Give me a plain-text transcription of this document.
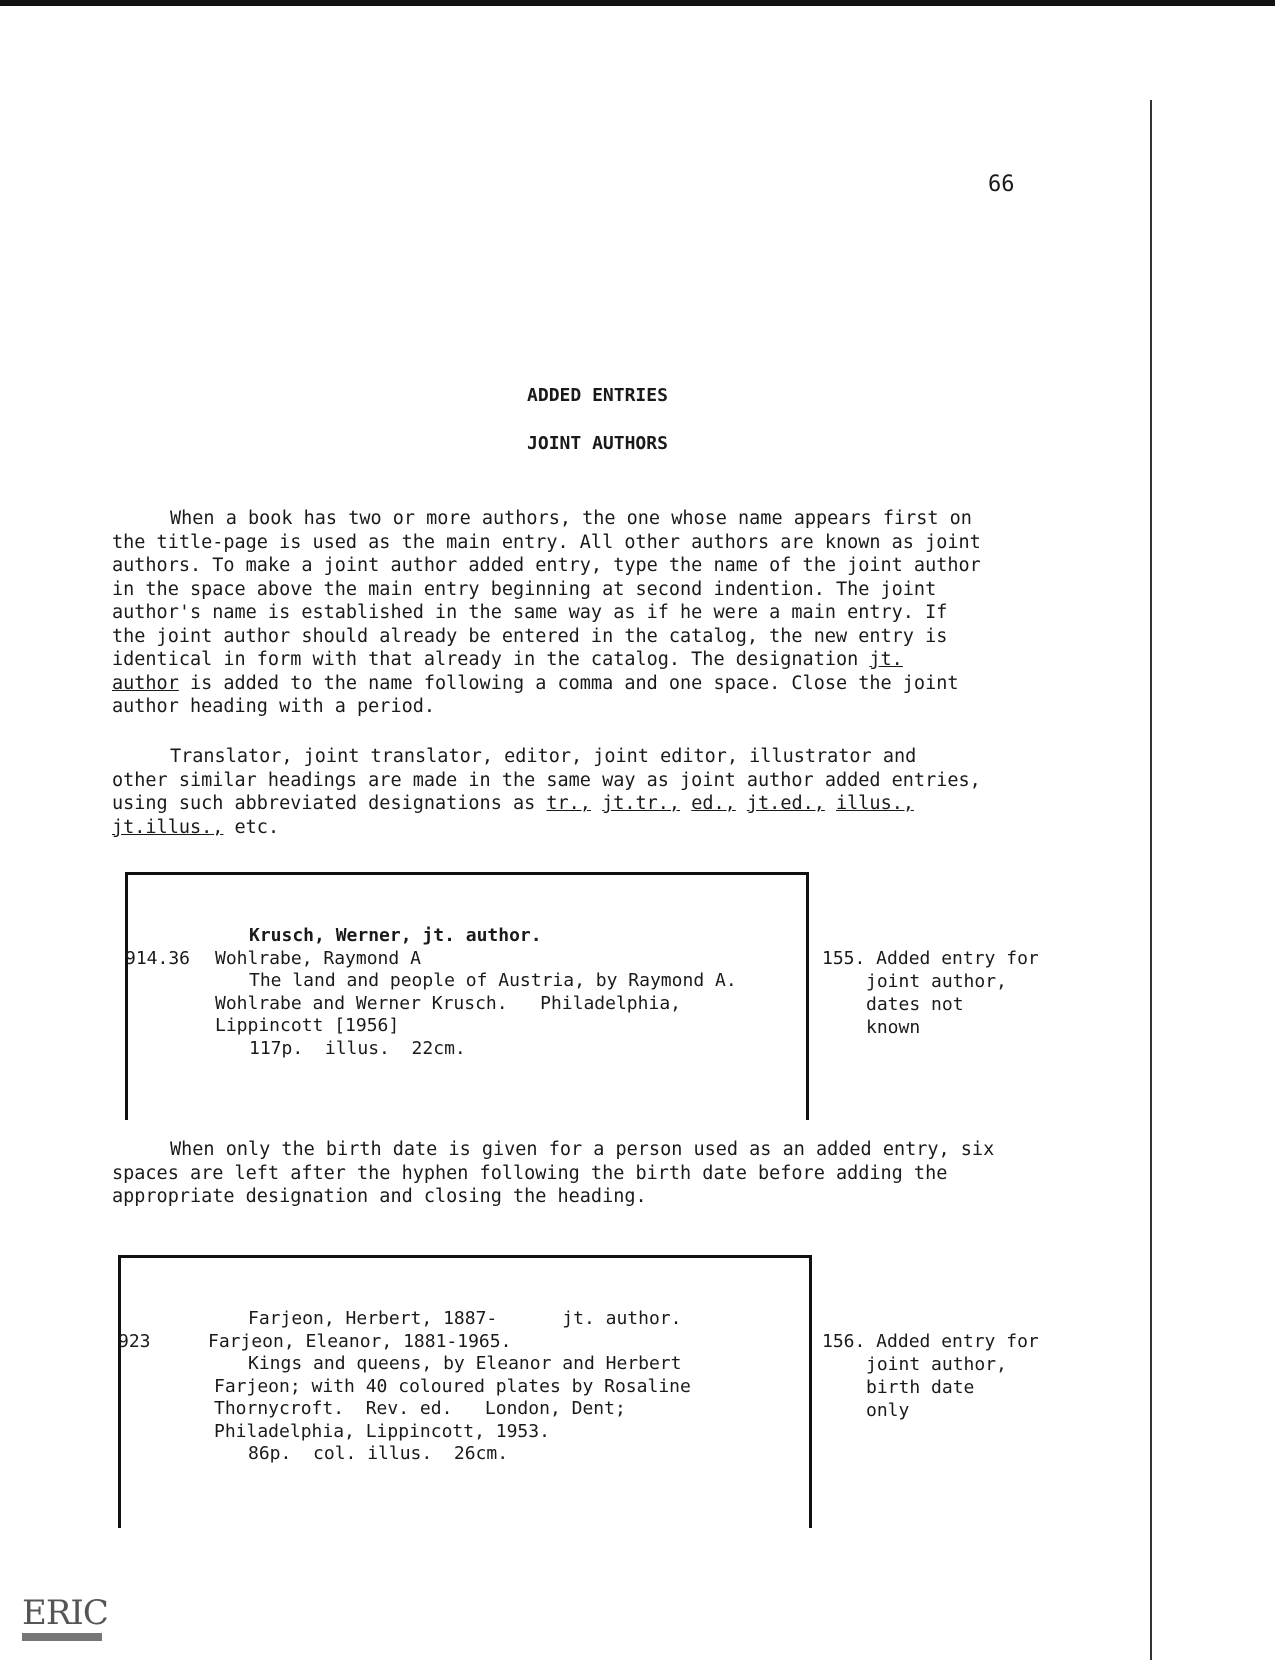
66
ADDED ENTRIES
JOINT AUTHORS
When a book has two or more authors, the one whose name appears first on
the title-page is used as the main entry. All other authors are known as joint
authors. To make a joint author added entry, type the name of the joint author
in the space above the main entry beginning at second indention. The joint
author's name is established in the same way as if he were a main entry. If
the joint author should already be entered in the catalog, the new entry is
identical in form with that already in the catalog. The designation jt.
author is added to the name following a comma and one space. Close the joint
author heading with a period.
Translator, joint translator, editor, joint editor, illustrator and
other similar headings are made in the same way as joint author added entries,
using such abbreviated designations as tr., jt.tr., ed., jt.ed., illus.,
jt.illus., etc.
Krusch, Werner, jt. author.
914.36 Wohlrabe, Raymond A
The land and people of Austria, by Raymond A.
Wohlrabe and Werner Krusch.   Philadelphia,
Lippincott [1956]
117p.  illus.  22cm.
155. Added entry for
joint author,
dates not
known
When only the birth date is given for a person used as an added entry, six
spaces are left after the hyphen following the birth date before adding the
appropriate designation and closing the heading.
Farjeon, Herbert, 1887-      jt. author.
923	Farjeon, Eleanor, 1881-1965.
Kings and queens, by Eleanor and Herbert
Farjeon; with 40 coloured plates by Rosaline
Thornycroft.  Rev. ed.   London, Dent;
Philadelphia, Lippincott, 1953.
86p.  col. illus.  26cm.
156. Added entry for
joint author,
birth date
only
ERIC
